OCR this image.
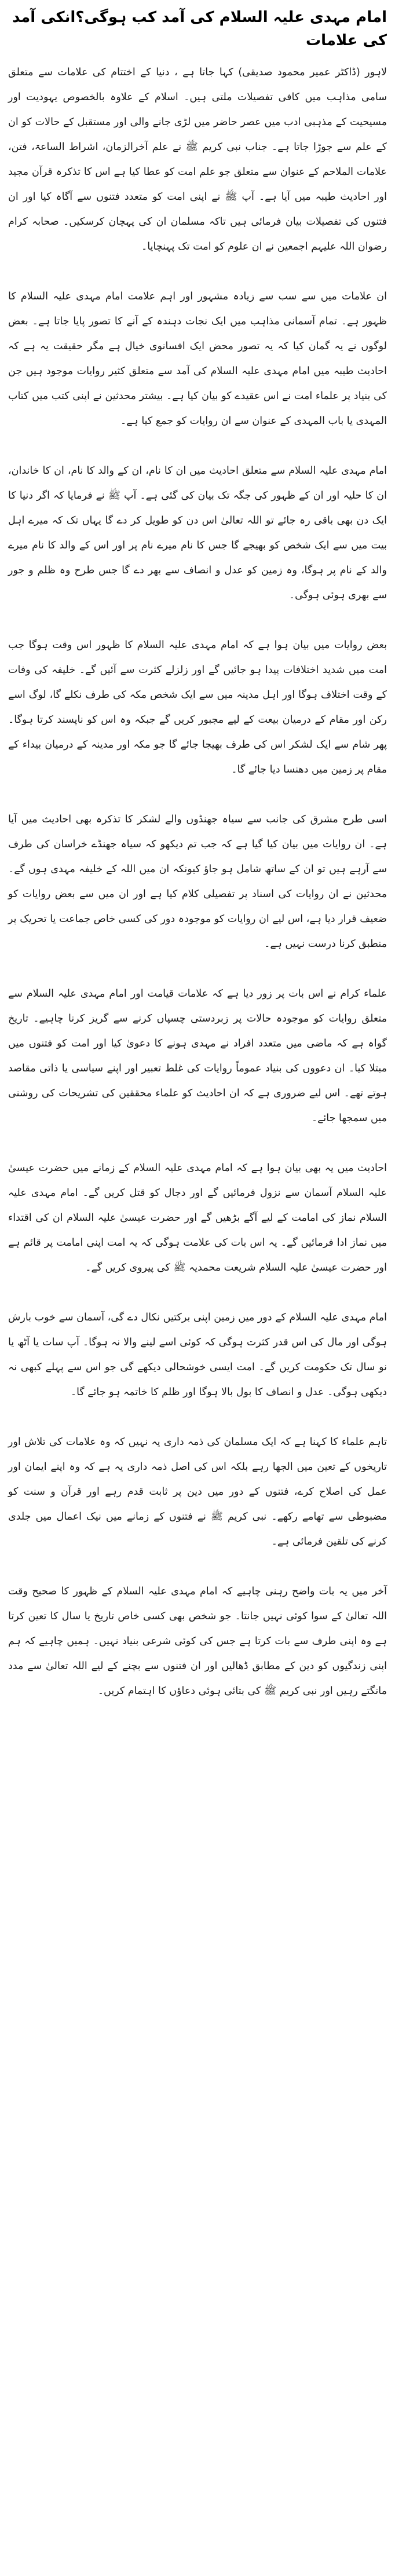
امام مہدی علیہ السلام کی آمد کب ہوگی؟انکی آمد کی علامات

لاہور (ڈاکٹر عمیر محمود صدیقی) کہا جاتا ہے ، دنیا کے اختتام کی علامات سے متعلق سامی مذاہب میں کافی تفصیلات ملتی ہیں۔ اسلام کے علاوہ بالخصوص یہودیت اور مسیحیت کے مذہبی ادب میں عصر حاضر میں لڑی جانے والی اور مستقبل کے حالات کو ان کے علم سے جوڑا جاتا ہے۔ جناب نبی کریم ﷺ نے علم آخرالزمان، اشراط الساعۃ، فتن، علامات الملاحم کے عنوان سے متعلق جو علم امت کو عطا کیا ہے اس کا تذکرہ قرآن مجید اور احادیث طیبہ میں آیا ہے۔ آپ ﷺ نے اپنی امت کو متعدد فتنوں سے آگاہ کیا اور ان فتنوں کی تفصیلات بیان فرمائی ہیں تاکہ مسلمان ان کی پہچان کرسکیں۔ صحابہ کرام رضوان اللہ علیہم اجمعین نے ان علوم کو امت تک پہنچایا۔

ان علامات میں سے سب سے زیادہ مشہور اور اہم علامت امام مہدی علیہ السلام کا ظہور ہے۔ تمام آسمانی مذاہب میں ایک نجات دہندہ کے آنے کا تصور پایا جاتا ہے۔ بعض لوگوں نے یہ گمان کیا کہ یہ تصور محض ایک افسانوی خیال ہے مگر حقیقت یہ ہے کہ احادیث طیبہ میں امام مہدی علیہ السلام کی آمد سے متعلق کثیر روایات موجود ہیں جن کی بنیاد پر علماء امت نے اس عقیدے کو بیان کیا ہے۔ بیشتر محدثین نے اپنی کتب میں کتاب المہدی یا باب المہدی کے عنوان سے ان روایات کو جمع کیا ہے۔

امام مہدی علیہ السلام سے متعلق احادیث میں ان کا نام، ان کے والد کا نام، ان کا خاندان، ان کا حلیہ اور ان کے ظہور کی جگہ تک بیان کی گئی ہے۔ آپ ﷺ نے فرمایا کہ اگر دنیا کا ایک دن بھی باقی رہ جائے تو اللہ تعالیٰ اس دن کو طویل کر دے گا یہاں تک کہ میرے اہل بیت میں سے ایک شخص کو بھیجے گا جس کا نام میرے نام پر اور اس کے والد کا نام میرے والد کے نام پر ہوگا، وہ زمین کو عدل و انصاف سے بھر دے گا جس طرح وہ ظلم و جور سے بھری ہوئی ہوگی۔

بعض روایات میں بیان ہوا ہے کہ امام مہدی علیہ السلام کا ظہور اس وقت ہوگا جب امت میں شدید اختلافات پیدا ہو جائیں گے اور زلزلے کثرت سے آئیں گے۔ خلیفہ کی وفات کے وقت اختلاف ہوگا اور اہل مدینہ میں سے ایک شخص مکہ کی طرف نکلے گا، لوگ اسے رکن اور مقام کے درمیان بیعت کے لیے مجبور کریں گے جبکہ وہ اس کو ناپسند کرتا ہوگا۔ پھر شام سے ایک لشکر اس کی طرف بھیجا جائے گا جو مکہ اور مدینہ کے درمیان بیداء کے مقام پر زمین میں دھنسا دیا جائے گا۔

اسی طرح مشرق کی جانب سے سیاہ جھنڈوں والے لشکر کا تذکرہ بھی احادیث میں آیا ہے۔ ان روایات میں بیان کیا گیا ہے کہ جب تم دیکھو کہ سیاہ جھنڈے خراسان کی طرف سے آرہے ہیں تو ان کے ساتھ شامل ہو جاؤ کیونکہ ان میں اللہ کے خلیفہ مہدی ہوں گے۔ محدثین نے ان روایات کی اسناد پر تفصیلی کلام کیا ہے اور ان میں سے بعض روایات کو ضعیف قرار دیا ہے، اس لیے ان روایات کو موجودہ دور کی کسی خاص جماعت یا تحریک پر منطبق کرنا درست نہیں ہے۔

علماء کرام نے اس بات پر زور دیا ہے کہ علامات قیامت اور امام مہدی علیہ السلام سے متعلق روایات کو موجودہ حالات پر زبردستی چسپاں کرنے سے گریز کرنا چاہیے۔ تاریخ گواہ ہے کہ ماضی میں متعدد افراد نے مہدی ہونے کا دعویٰ کیا اور امت کو فتنوں میں مبتلا کیا۔ ان دعووں کی بنیاد عموماً روایات کی غلط تعبیر اور اپنے سیاسی یا ذاتی مقاصد ہوتے تھے۔ اس لیے ضروری ہے کہ ان احادیث کو علماء محققین کی تشریحات کی روشنی میں سمجھا جائے۔

احادیث میں یہ بھی بیان ہوا ہے کہ امام مہدی علیہ السلام کے زمانے میں حضرت عیسیٰ علیہ السلام آسمان سے نزول فرمائیں گے اور دجال کو قتل کریں گے۔ امام مہدی علیہ السلام نماز کی امامت کے لیے آگے بڑھیں گے اور حضرت عیسیٰ علیہ السلام ان کی اقتداء میں نماز ادا فرمائیں گے۔ یہ اس بات کی علامت ہوگی کہ یہ امت اپنی امامت پر قائم ہے اور حضرت عیسیٰ علیہ السلام شریعت محمدیہ ﷺ کی پیروی کریں گے۔

امام مہدی علیہ السلام کے دور میں زمین اپنی برکتیں نکال دے گی، آسمان سے خوب بارش ہوگی اور مال کی اس قدر کثرت ہوگی کہ کوئی اسے لینے والا نہ ہوگا۔ آپ سات یا آٹھ یا نو سال تک حکومت کریں گے۔ امت ایسی خوشحالی دیکھے گی جو اس سے پہلے کبھی نہ دیکھی ہوگی۔ عدل و انصاف کا بول بالا ہوگا اور ظلم کا خاتمہ ہو جائے گا۔

تاہم علماء کا کہنا ہے کہ ایک مسلمان کی ذمہ داری یہ نہیں کہ وہ علامات کی تلاش اور تاریخوں کے تعین میں الجھا رہے بلکہ اس کی اصل ذمہ داری یہ ہے کہ وہ اپنے ایمان اور عمل کی اصلاح کرے، فتنوں کے دور میں دین پر ثابت قدم رہے اور قرآن و سنت کو مضبوطی سے تھامے رکھے۔ نبی کریم ﷺ نے فتنوں کے زمانے میں نیک اعمال میں جلدی کرنے کی تلقین فرمائی ہے۔

آخر میں یہ بات واضح رہنی چاہیے کہ امام مہدی علیہ السلام کے ظہور کا صحیح وقت اللہ تعالیٰ کے سوا کوئی نہیں جانتا۔ جو شخص بھی کسی خاص تاریخ یا سال کا تعین کرتا ہے وہ اپنی طرف سے بات کرتا ہے جس کی کوئی شرعی بنیاد نہیں۔ ہمیں چاہیے کہ ہم اپنی زندگیوں کو دین کے مطابق ڈھالیں اور ان فتنوں سے بچنے کے لیے اللہ تعالیٰ سے مدد مانگتے رہیں اور نبی کریم ﷺ کی بتائی ہوئی دعاؤں کا اہتمام کریں۔
